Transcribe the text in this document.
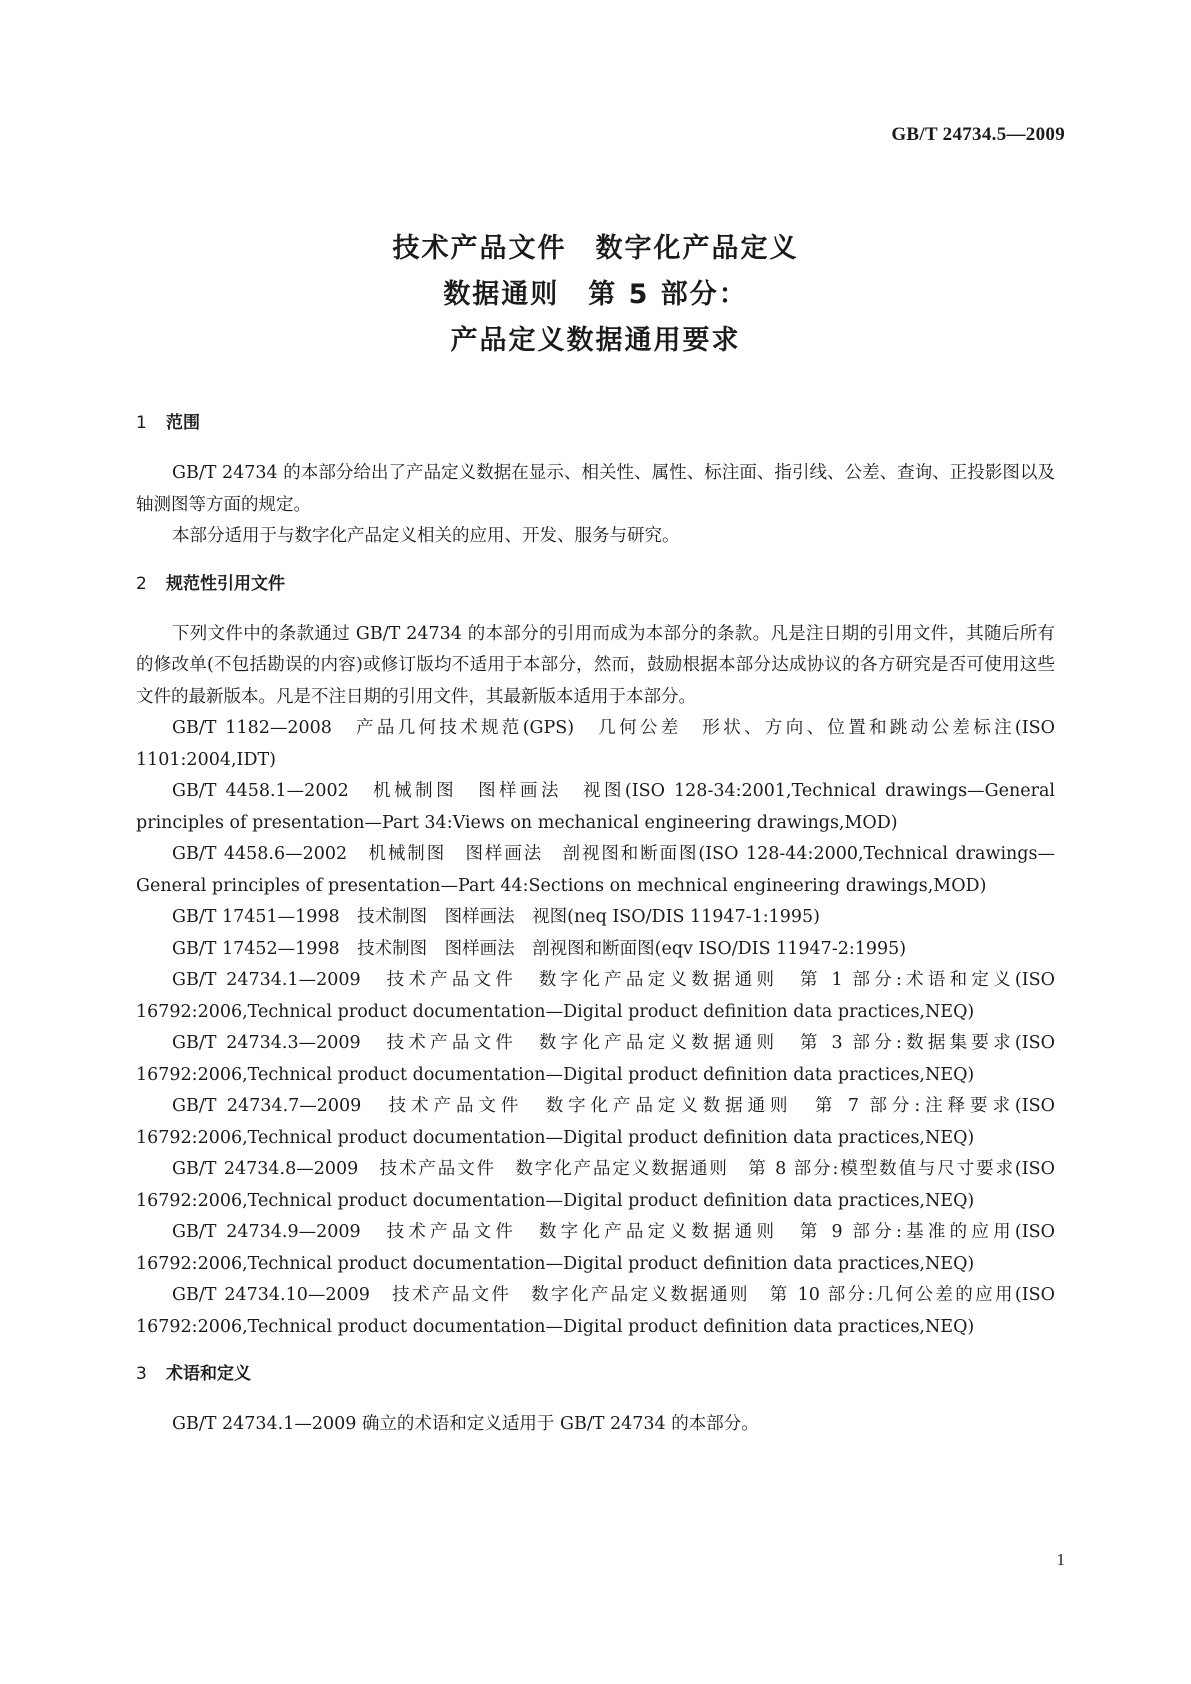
GB/T 24734.5—2009
技术产品文件　数字化产品定义
数据通则　第 5 部分：
产品定义数据通用要求
1 范围

GB/T 24734 的本部分给出了产品定义数据在显示、相关性、属性、标注面、指引线、公差、查询、正投影图以及轴测图等方面的规定。

本部分适用于与数字化产品定义相关的应用、开发、服务与研究。

2 规范性引用文件

下列文件中的条款通过 GB/T 24734 的本部分的引用而成为本部分的条款。凡是注日期的引用文件，其随后所有的修改单(不包括勘误的内容)或修订版均不适用于本部分，然而，鼓励根据本部分达成协议的各方研究是否可使用这些文件的最新版本。凡是不注日期的引用文件，其最新版本适用于本部分。

GB/T 1182—2008　产品几何技术规范(GPS)　几何公差　形状、方向、位置和跳动公差标注(ISO 1101:2004,IDT)

GB/T 4458.1—2002　机械制图　图样画法　视图(ISO 128-34:2001,Technical drawings—General principles of presentation—Part 34:Views on mechanical engineering drawings,MOD)

GB/T 4458.6—2002　机械制图　图样画法　剖视图和断面图(ISO 128-44:2000,Technical drawings—General principles of presentation—Part 44:Sections on mechnical engineering drawings,MOD)

GB/T 17451—1998　技术制图　图样画法　视图(neq ISO/DIS 11947-1:1995)

GB/T 17452—1998　技术制图　图样画法　剖视图和断面图(eqv ISO/DIS 11947-2:1995)

GB/T 24734.1—2009　技术产品文件　数字化产品定义数据通则　第 1 部分:术语和定义(ISO 16792:2006,Technical product documentation—Digital product definition data practices,NEQ)

GB/T 24734.3—2009　技术产品文件　数字化产品定义数据通则　第 3 部分:数据集要求(ISO 16792:2006,Technical product documentation—Digital product definition data practices,NEQ)

GB/T 24734.7—2009　技术产品文件　数字化产品定义数据通则　第 7 部分:注释要求(ISO 16792:2006,Technical product documentation—Digital product definition data practices,NEQ)

GB/T 24734.8—2009　技术产品文件　数字化产品定义数据通则　第 8 部分:模型数值与尺寸要求(ISO 16792:2006,Technical product documentation—Digital product definition data practices,NEQ)

GB/T 24734.9—2009　技术产品文件　数字化产品定义数据通则　第 9 部分:基准的应用(ISO 16792:2006,Technical product documentation—Digital product definition data practices,NEQ)

GB/T 24734.10—2009　技术产品文件　数字化产品定义数据通则　第 10 部分:几何公差的应用(ISO 16792:2006,Technical product documentation—Digital product definition data practices,NEQ)

3 术语和定义

GB/T 24734.1—2009 确立的术语和定义适用于 GB/T 24734 的本部分。

1
